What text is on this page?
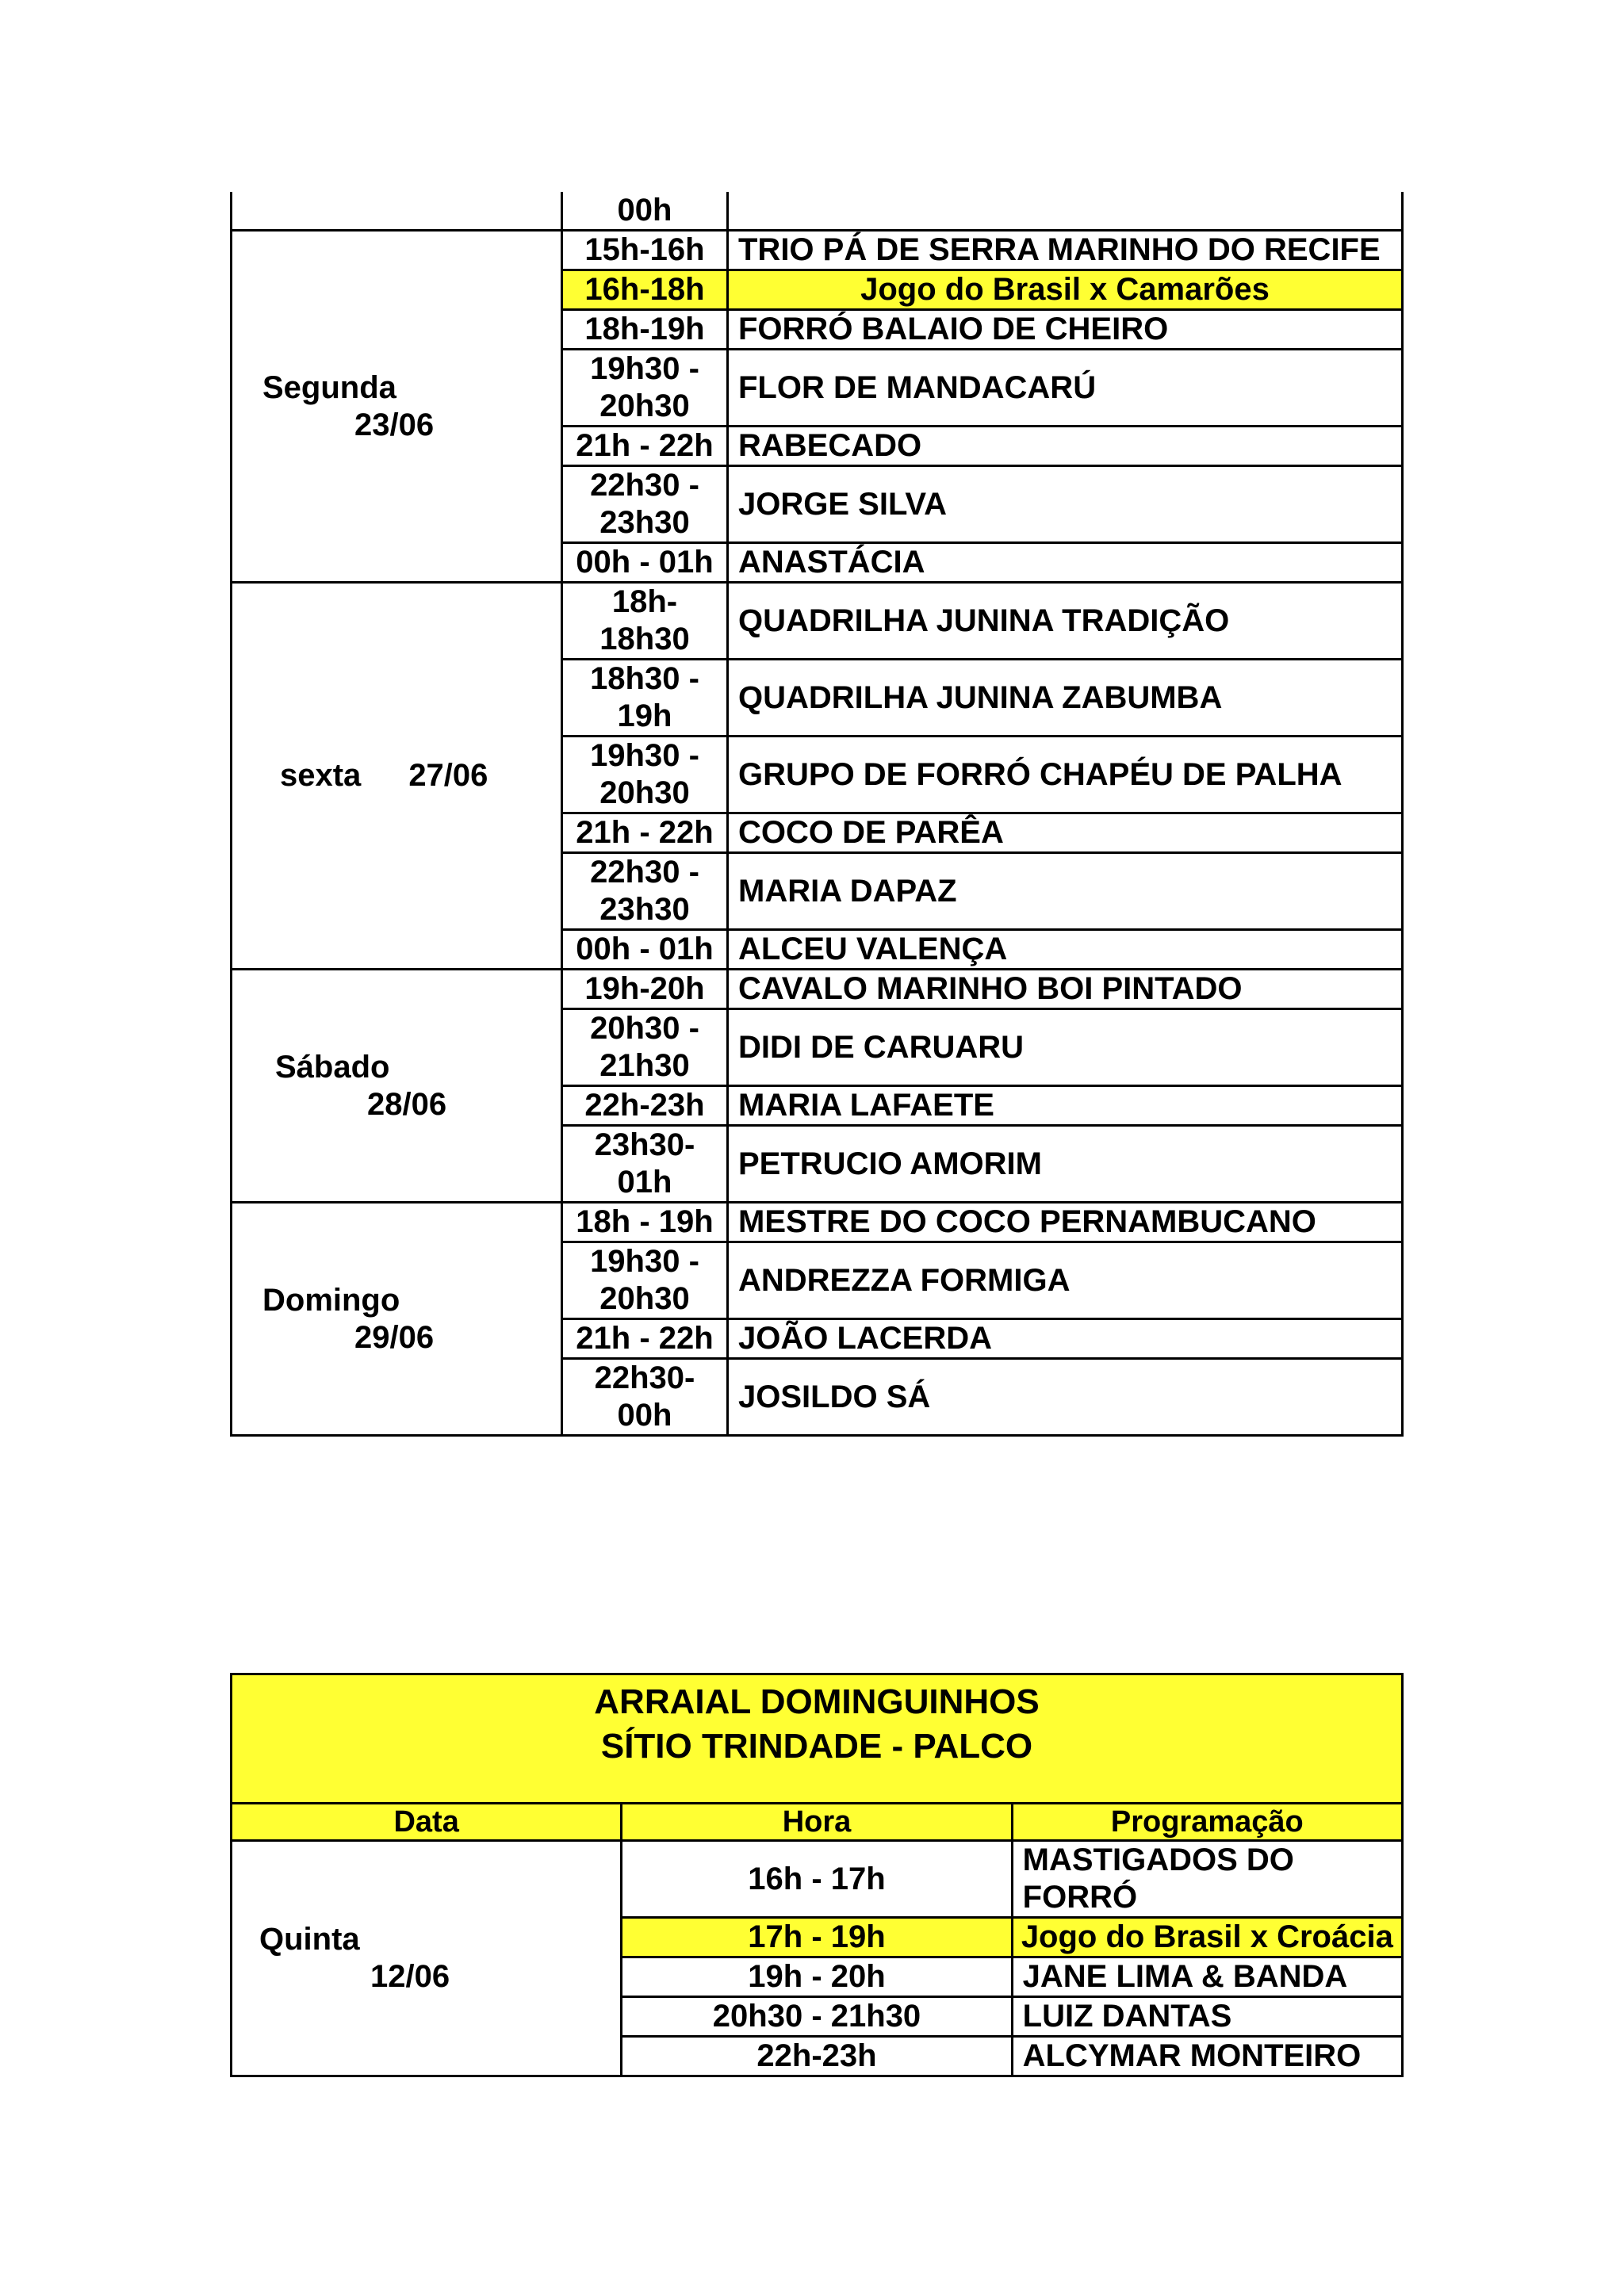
	00h	

Segunda
23/06	15h-16h	TRIO PÁ DE SERRA MARINHO DO RECIFE
	16h-18h	Jogo do Brasil x Camarões
	18h-19h	FORRÓ BALAIO DE CHEIRO
	19h30 - 20h30	FLOR DE MANDACARÚ
	21h - 22h	RABECADO
	22h30 - 23h30	JORGE SILVA
	00h - 01h	ANASTÁCIA

sexta 27/06	18h- 18h30	QUADRILHA JUNINA TRADIÇÃO
	18h30 - 19h	QUADRILHA JUNINA ZABUMBA
	19h30 - 20h30	GRUPO DE FORRÓ CHAPÉU DE PALHA
	21h - 22h	COCO DE PARÊA
	22h30 - 23h30	MARIA DAPAZ
	00h - 01h	ALCEU VALENÇA

Sábado
28/06	19h-20h	CAVALO MARINHO BOI PINTADO
	20h30 - 21h30	DIDI DE CARUARU
	22h-23h	MARIA LAFAETE
	23h30- 01h	PETRUCIO AMORIM

Domingo
29/06	18h - 19h	MESTRE DO COCO PERNAMBUCANO
	19h30 - 20h30	ANDREZZA FORMIGA
	21h - 22h	JOÃO LACERDA
	22h30- 00h	JOSILDO SÁ
ARRAIAL DOMINGUINHOS
SÍTIO TRINDADE - PALCO		

Data	Hora	Programação

Quinta
12/06	16h - 17h	MASTIGADOS DO FORRÓ
	17h - 19h	Jogo do Brasil x Croácia
	19h - 20h	JANE LIMA & BANDA
	20h30 - 21h30	LUIZ DANTAS
	22h-23h	ALCYMAR MONTEIRO
